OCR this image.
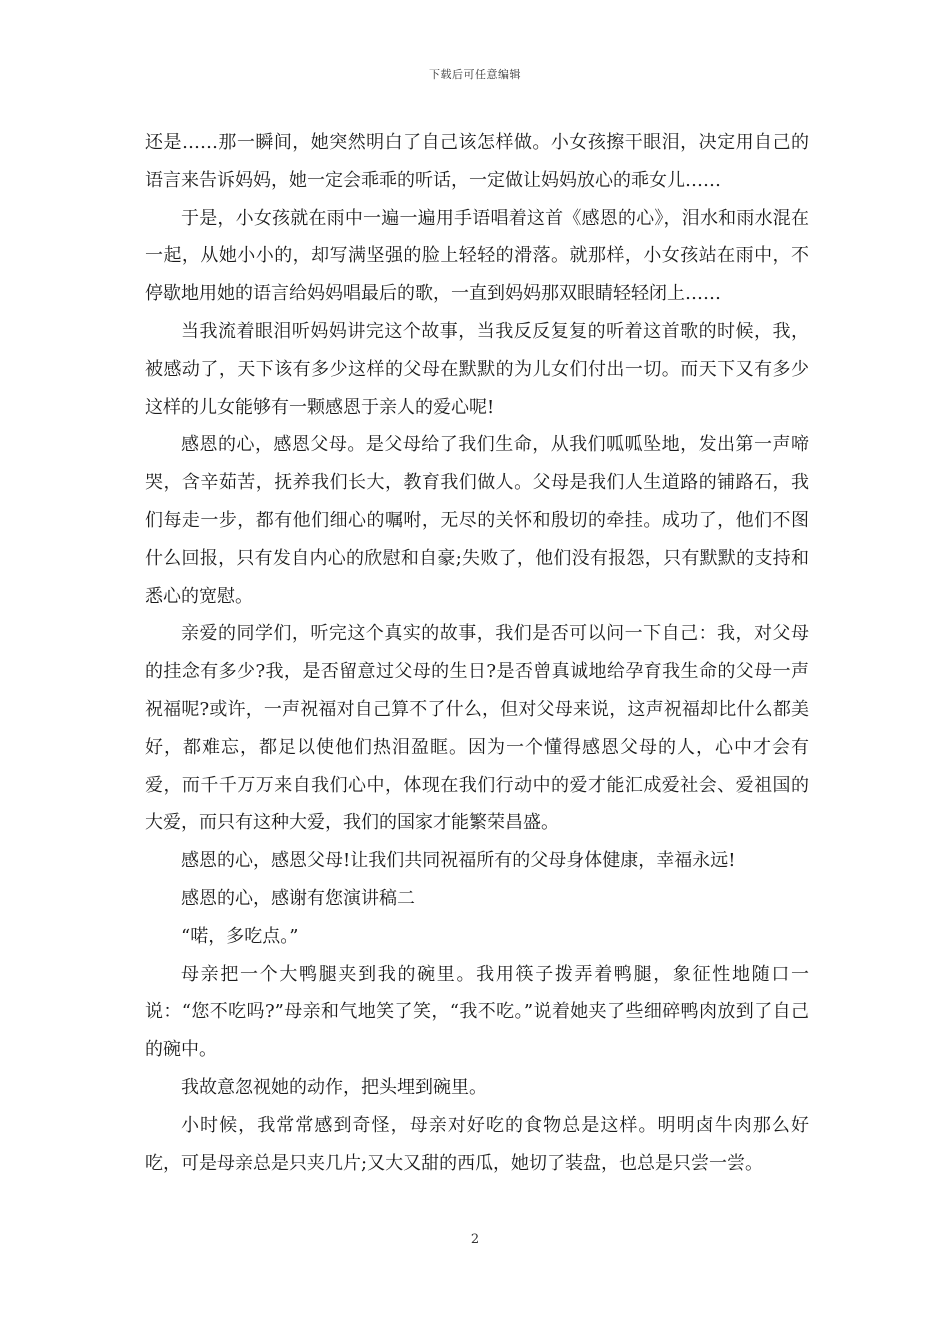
下载后可任意编辑

还是……那一瞬间，她突然明白了自己该怎样做。小女孩擦干眼泪，决定用自己的语言来告诉妈妈，她一定会乖乖的听话，一定做让妈妈放心的乖女儿……

于是，小女孩就在雨中一遍一遍用手语唱着这首《感恩的心》，泪水和雨水混在一起，从她小小的，却写满坚强的脸上轻轻的滑落。就那样，小女孩站在雨中，不停歇地用她的语言给妈妈唱最后的歌，一直到妈妈那双眼睛轻轻闭上……

当我流着眼泪听妈妈讲完这个故事，当我反反复复的听着这首歌的时候，我，被感动了，天下该有多少这样的父母在默默的为儿女们付出一切。而天下又有多少这样的儿女能够有一颗感恩于亲人的爱心呢!

感恩的心，感恩父母。是父母给了我们生命，从我们呱呱坠地，发出第一声啼哭，含辛茹苦，抚养我们长大，教育我们做人。父母是我们人生道路的铺路石，我们每走一步，都有他们细心的嘱咐，无尽的关怀和殷切的牵挂。成功了，他们不图什么回报，只有发自内心的欣慰和自豪;失败了，他们没有报怨，只有默默的支持和悉心的宽慰。

亲爱的同学们，听完这个真实的故事，我们是否可以问一下自己：我，对父母的挂念有多少?我，是否留意过父母的生日?是否曾真诚地给孕育我生命的父母一声祝福呢?或许，一声祝福对自己算不了什么，但对父母来说，这声祝福却比什么都美好，都难忘，都足以使他们热泪盈眶。因为一个懂得感恩父母的人，心中才会有爱，而千千万万来自我们心中，体现在我们行动中的爱才能汇成爱社会、爱祖国的大爱，而只有这种大爱，我们的国家才能繁荣昌盛。

感恩的心，感恩父母!让我们共同祝福所有的父母身体健康，幸福永远!

感恩的心，感谢有您演讲稿二

“喏，多吃点。”

母亲把一个大鸭腿夹到我的碗里。我用筷子拨弄着鸭腿，象征性地随口一说：“您不吃吗?”母亲和气地笑了笑，“我不吃。”说着她夹了些细碎鸭肉放到了自己的碗中。

我故意忽视她的动作，把头埋到碗里。

小时候，我常常感到奇怪，母亲对好吃的食物总是这样。明明卤牛肉那么好吃，可是母亲总是只夹几片;又大又甜的西瓜，她切了装盘，也总是只尝一尝。

2
